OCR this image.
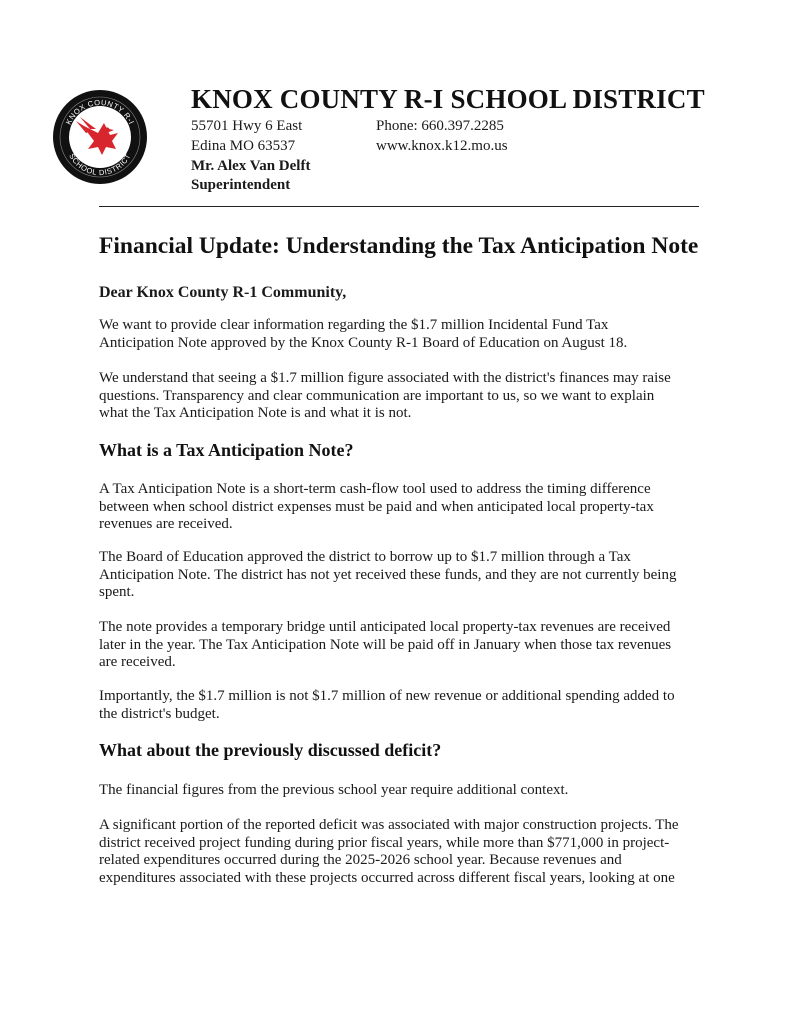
KNOX COUNTY R-I
SCHOOL DISTRICT
KNOX COUNTY R-I SCHOOL DISTRICT
55701 Hwy 6 East
Edina MO 63537
Mr. Alex Van Delft
Superintendent
Phone: 660.397.2285
www.knox.k12.mo.us
Financial Update: Understanding the Tax Anticipation Note
Dear Knox County R-1 Community,

We want to provide clear information regarding the $1.7 million Incidental Fund Tax
Anticipation Note approved by the Knox County R-1 Board of Education on August 18.

We understand that seeing a $1.7 million figure associated with the district's finances may raise
questions. Transparency and clear communication are important to us, so we want to explain
what the Tax Anticipation Note is and what it is not.

What is a Tax Anticipation Note?

A Tax Anticipation Note is a short-term cash-flow tool used to address the timing difference
between when school district expenses must be paid and when anticipated local property-tax
revenues are received.

The Board of Education approved the district to borrow up to $1.7 million through a Tax
Anticipation Note. The district has not yet received these funds, and they are not currently being
spent.

The note provides a temporary bridge until anticipated local property-tax revenues are received
later in the year. The Tax Anticipation Note will be paid off in January when those tax revenues
are received.

Importantly, the $1.7 million is not $1.7 million of new revenue or additional spending added to
the district's budget.

What about the previously discussed deficit?

The financial figures from the previous school year require additional context.

A significant portion of the reported deficit was associated with major construction projects. The
district received project funding during prior fiscal years, while more than $771,000 in project-
related expenditures occurred during the 2025-2026 school year. Because revenues and
expenditures associated with these projects occurred across different fiscal years, looking at one
